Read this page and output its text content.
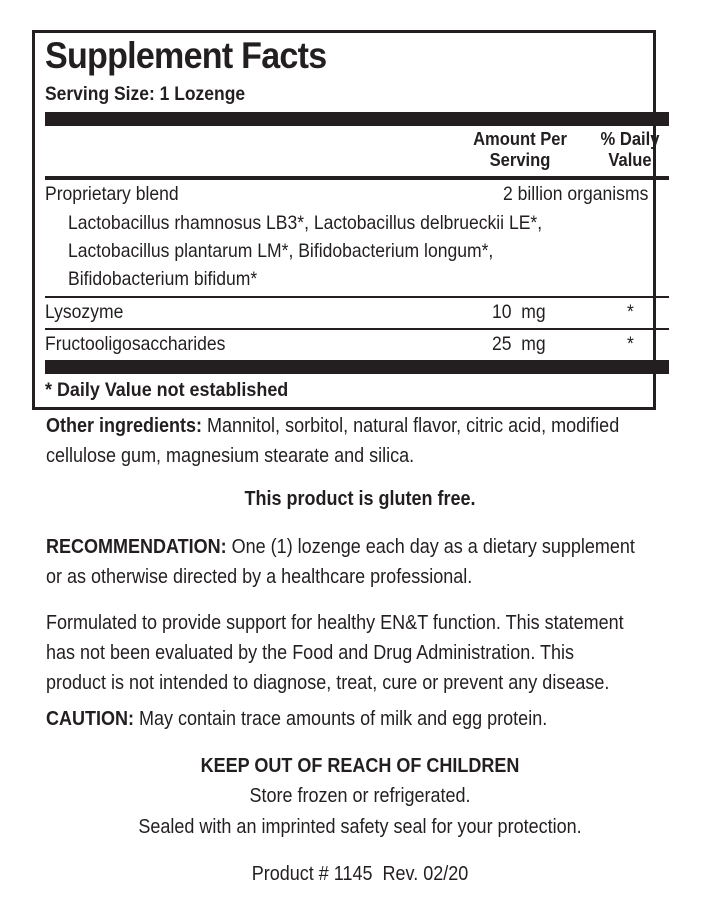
Supplement Facts
Serving Size: 1 Lozenge
Amount Per Serving
% Daily Value
Proprietary blend	2 billion organisms
Lactobacillus rhamnosus LB3*, Lactobacillus delbrueckii LE*,
Lactobacillus plantarum LM*, Bifidobacterium longum*,
Bifidobacterium bifidum*
Lysozyme	10  mg	*
Fructooligosaccharides	25  mg	*
* Daily Value not established

Other ingredients: Mannitol, sorbitol, natural flavor, citric acid, modified
cellulose gum, magnesium stearate and silica.

This product is gluten free.

RECOMMENDATION: One (1) lozenge each day as a dietary supplement
or as otherwise directed by a healthcare professional.

Formulated to provide support for healthy EN&T function. This statement
has not been evaluated by the Food and Drug Administration. This
product is not intended to diagnose, treat, cure or prevent any disease.

CAUTION: May contain trace amounts of milk and egg protein.

KEEP OUT OF REACH OF CHILDREN
Store frozen or refrigerated.
Sealed with an imprinted safety seal for your protection.
Product # 1145  Rev. 02/20
